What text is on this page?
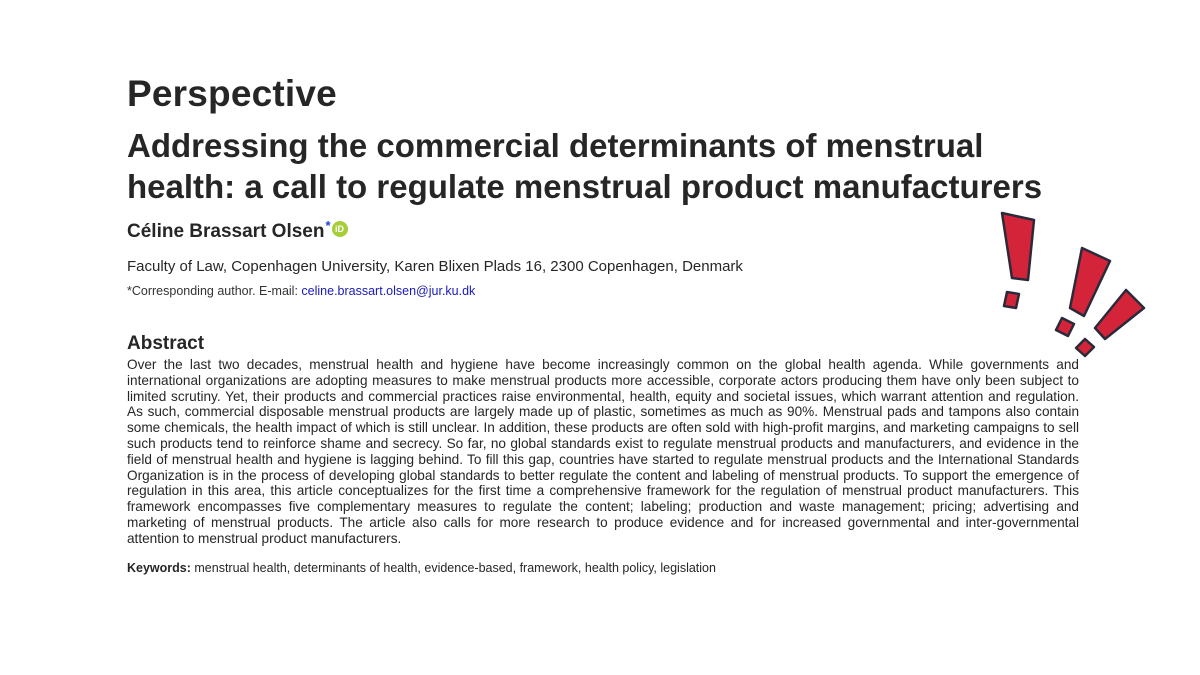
Perspective
Addressing the commercial determinants of menstrual health: a call to regulate menstrual product manufacturers
Céline Brassart Olsen * iD
Faculty of Law, Copenhagen University, Karen Blixen Plads 16, 2300 Copenhagen, Denmark
*Corresponding author. E-mail: celine.brassart.olsen@jur.ku.dk
Abstract

Over the last two decades, menstrual health and hygiene have become increasingly common on the global health agenda. While governments and international organizations are adopting measures to make menstrual products more accessible, corporate actors producing them have only been subject to limited scrutiny. Yet, their products and commercial practices raise environmental, health, equity and societal issues, which warrant attention and regulation. As such, commercial disposable menstrual products are largely made up of plastic, sometimes as much as 90%. Menstrual pads and tampons also contain some chemicals, the health impact of which is still unclear. In addition, these products are often sold with high-profit margins, and marketing campaigns to sell such products tend to reinforce shame and secrecy. So far, no global standards exist to regulate menstrual products and manufacturers, and evidence in the field of menstrual health and hygiene is lagging behind. To fill this gap, countries have started to regulate menstrual products and the International Standards Organization is in the process of developing global standards to better regulate the content and labeling of menstrual products. To support the emergence of regulation in this area, this article conceptualizes for the first time a comprehensive framework for the regulation of menstrual product manufacturers. This framework encompasses five complementary measures to regulate the content; labeling; production and waste management; pricing; advertising and marketing of menstrual products. The article also calls for more research to produce evidence and for increased governmental and inter-governmental attention to menstrual product manufacturers.

Keywords: menstrual health, determinants of health, evidence-based, framework, health policy, legislation
